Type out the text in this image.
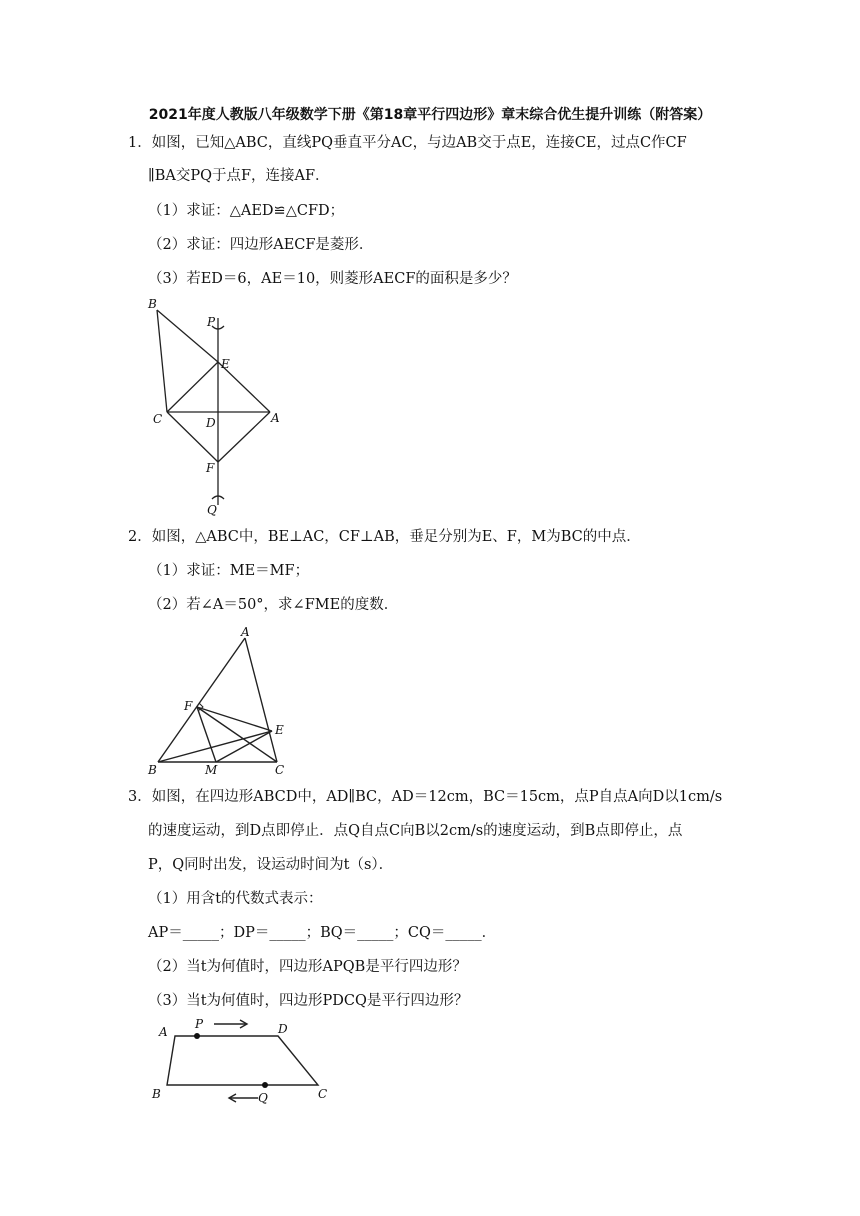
2021年度人教版八年级数学下册《第18章平行四边形》章末综合优生提升训练（附答案）
1．如图，已知△ABC，直线PQ垂直平分AC，与边AB交于点E，连接CE，过点C作CF
∥BA交PQ于点F，连接AF．
（1）求证：△AED≌△CFD；
（2）求证：四边形AECF是菱形．
（3）若ED＝6，AE＝10，则菱形AECF的面积是多少？
B
P
E
C	D	A
F
Q
2．如图，△ABC中，BE⊥AC，CF⊥AB，垂足分别为E、F，M为BC的中点．
（1）求证：ME＝MF；
（2）若∠A＝50°，求∠FME的度数．
A
F
E
B	M	C
3．如图，在四边形ABCD中，AD∥BC，AD＝12cm，BC＝15cm，点P自点A向D以1cm/s
的速度运动，到D点即停止．点Q自点C向B以2cm/s的速度运动，到B点即停止，点
P，Q同时出发，设运动时间为t（s）．
（1）用含t的代数式表示：
AP＝_____；DP＝_____；BQ＝_____；CQ＝_____．
（2）当t为何值时，四边形APQB是平行四边形？
（3）当t为何值时，四边形PDCQ是平行四边形？
A
P	D
B	Q	C
